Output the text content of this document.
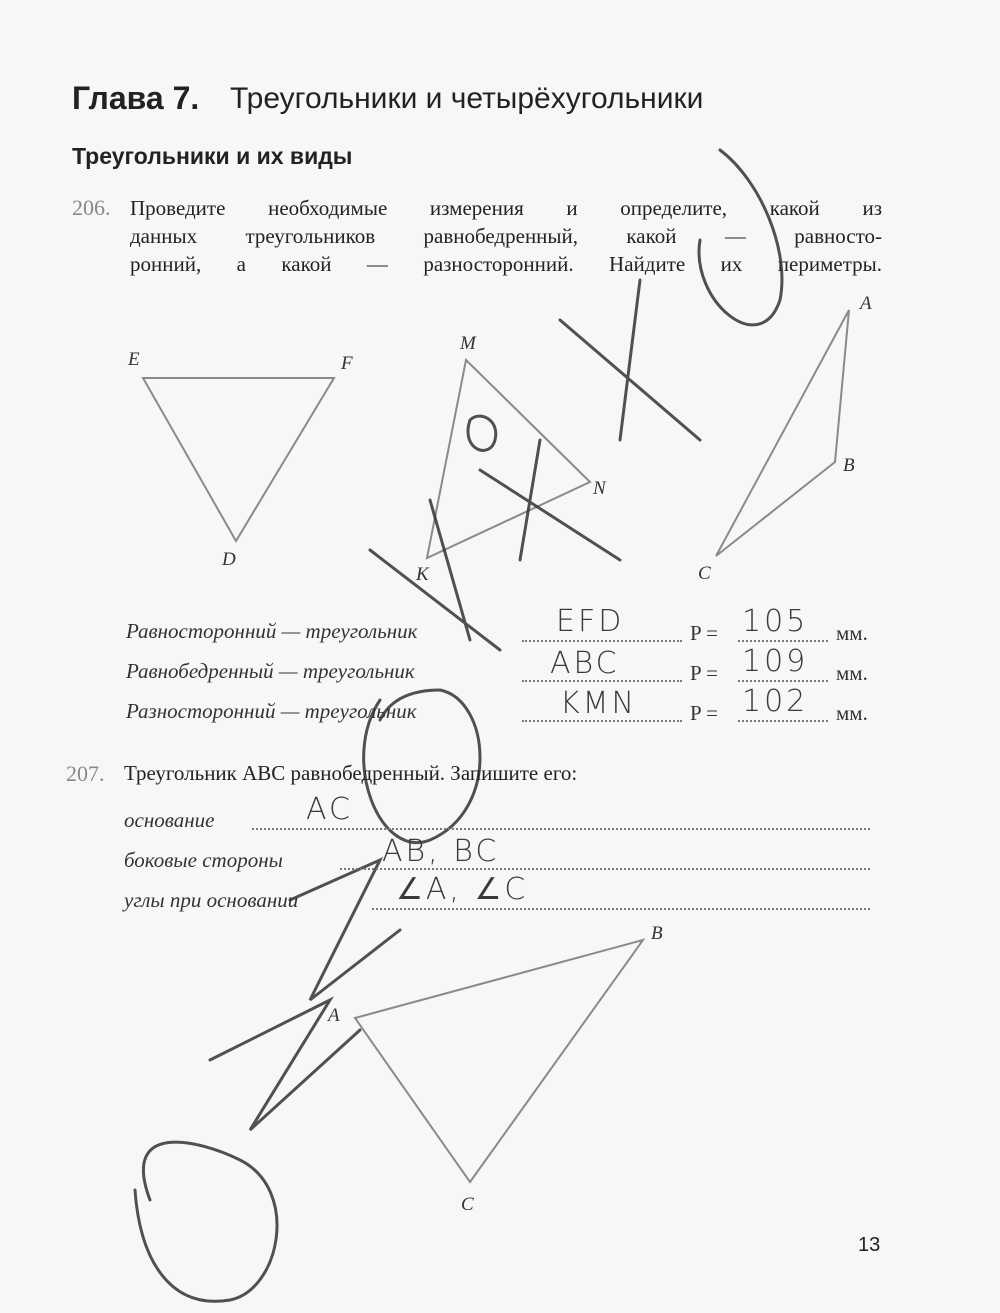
Глава 7. Треугольники и четырёхугольники
Треугольники и их виды
206. Проведите необходимые измерения и определите, какой из
данных треугольников равнобедренный, какой — равносто-
ронний, а какой — разносторонний. Найдите их периметры.
E	F
D
M
N
K
A
B
C
Равносторонний — треугольник	EFD	P = 105 мм.
Равнобедренный — треугольник	ABC	P = 109 мм.
Разносторонний — треугольник	KMN	P = 102 мм.
207. Треугольник ABC равнобедренный. Запишите его:
основание	AC
боковые стороны	AB, BC
углы при основании	∠A, ∠C
A
B
C
13
